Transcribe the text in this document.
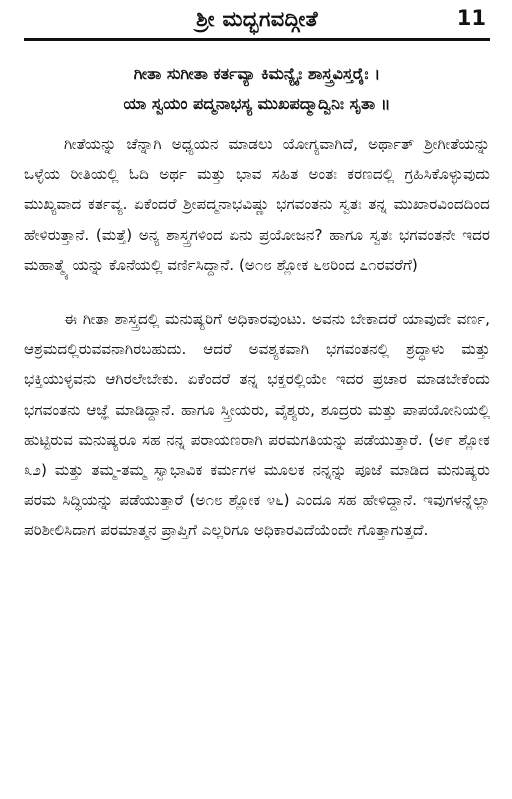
ಶ್ರೀ ಮದ್ಭಗವದ್ಗೀತೆ	11
ಗೀತಾ ಸುಗೀತಾ ಕರ್ತವ್ಯಾ ಕಿಮನ್ಯೈಃ ಶಾಸ್ತ್ರವಿಸ್ತರೈಃ ।
ಯಾ ಸ್ವಯಂ ಪದ್ಮನಾಭಸ್ಯ ಮುಖಪದ್ಮಾದ್ವಿನಿಃ ಸೃತಾ ॥

ಗೀತೆಯನ್ನು ಚೆನ್ನಾಗಿ ಅಧ್ಯಯನ ಮಾಡಲು ಯೋಗ್ಯವಾಗಿದೆ, ಅರ್ಥಾತ್ ಶ್ರೀಗೀತೆಯನ್ನು ಒಳ್ಳೆಯ ರೀತಿಯಲ್ಲಿ ಓದಿ ಅರ್ಥ ಮತ್ತು ಭಾವ ಸಹಿತ ಅಂತಃ ಕರಣದಲ್ಲಿ ಗ್ರಹಿಸಿಕೊಳ್ಳುವುದು ಮುಖ್ಯವಾದ ಕರ್ತವ್ಯ. ಏಕೆಂದರೆ ಶ್ರೀಪದ್ಮನಾಭವಿಷ್ಣು ಭಗವಂತನು ಸ್ವತಃ ತನ್ನ ಮುಖಾರವಿಂದದಿಂದ ಹೇಳಿರುತ್ತಾನೆ. (ಮತ್ತೆ) ಅನ್ಯ ಶಾಸ್ತ್ರಗಳಿಂದ ಏನು ಪ್ರಯೋಜನ? ಹಾಗೂ ಸ್ವತಃ ಭಗವಂತನೇ ಇದರ ಮಹಾತ್ಮ್ಯೆ ಯನ್ನು ಕೊನೆಯಲ್ಲಿ ವರ್ಣಿಸಿದ್ದಾನೆ. (ಅ೧೮ ಶ್ಲೋಕ ೬೮ರಿಂದ ೭೧ರವರೆಗೆ)

ಈ ಗೀತಾ ಶಾಸ್ತ್ರದಲ್ಲಿ ಮನುಷ್ಯರಿಗೆ ಅಧಿಕಾರವುಂಟು. ಅವನು ಬೇಕಾದರೆ ಯಾವುದೇ ವರ್ಣ, ಆಶ್ರಮದಲ್ಲಿರುವವನಾಗಿರಬಹುದು. ಆದರೆ ಅವಶ್ಯಕವಾಗಿ ಭಗವಂತನಲ್ಲಿ ಶ್ರದ್ಧಾಳು ಮತ್ತು ಭಕ್ತಿಯುಳ್ಳವನು ಆಗಿರಲೇಬೇಕು. ಏಕೆಂದರೆ ತನ್ನ ಭಕ್ತರಲ್ಲಿಯೇ ಇದರ ಪ್ರಚಾರ ಮಾಡಬೇಕೆಂದು ಭಗವಂತನು ಆಜ್ಞೆ ಮಾಡಿದ್ದಾನೆ. ಹಾಗೂ ಸ್ತ್ರೀಯರು, ವೈಶ್ಯರು, ಶೂದ್ರರು ಮತ್ತು ಪಾಪಯೋನಿಯಲ್ಲಿ ಹುಟ್ಟಿರುವ ಮನುಷ್ಯರೂ ಸಹ ನನ್ನ ಪರಾಯಣರಾಗಿ ಪರಮಗತಿಯನ್ನು ಪಡೆಯುತ್ತಾರೆ. (ಅ೯ ಶ್ಲೋಕ ೩೨) ಮತ್ತು ತಮ್ಮ-ತಮ್ಮ ಸ್ವಾಭಾವಿಕ ಕರ್ಮಗಳ ಮೂಲಕ ನನ್ನನ್ನು ಪೂಜೆ ಮಾಡಿದ ಮನುಷ್ಯರು ಪರಮ ಸಿದ್ಧಿಯನ್ನು ಪಡೆಯುತ್ತಾರೆ (ಅ೧೮ ಶ್ಲೋಕ ೪೬) ಎಂದೂ ಸಹ ಹೇಳಿದ್ದಾನೆ. ಇವುಗಳನ್ನೆಲ್ಲಾ ಪರಿಶೀಲಿಸಿದಾಗ ಪರಮಾತ್ಮನ ಪ್ರಾಪ್ತಿಗೆ ಎಲ್ಲರಿಗೂ ಅಧಿಕಾರವಿದೆಯೆಂದೇ ಗೊತ್ತಾಗುತ್ತದೆ.
